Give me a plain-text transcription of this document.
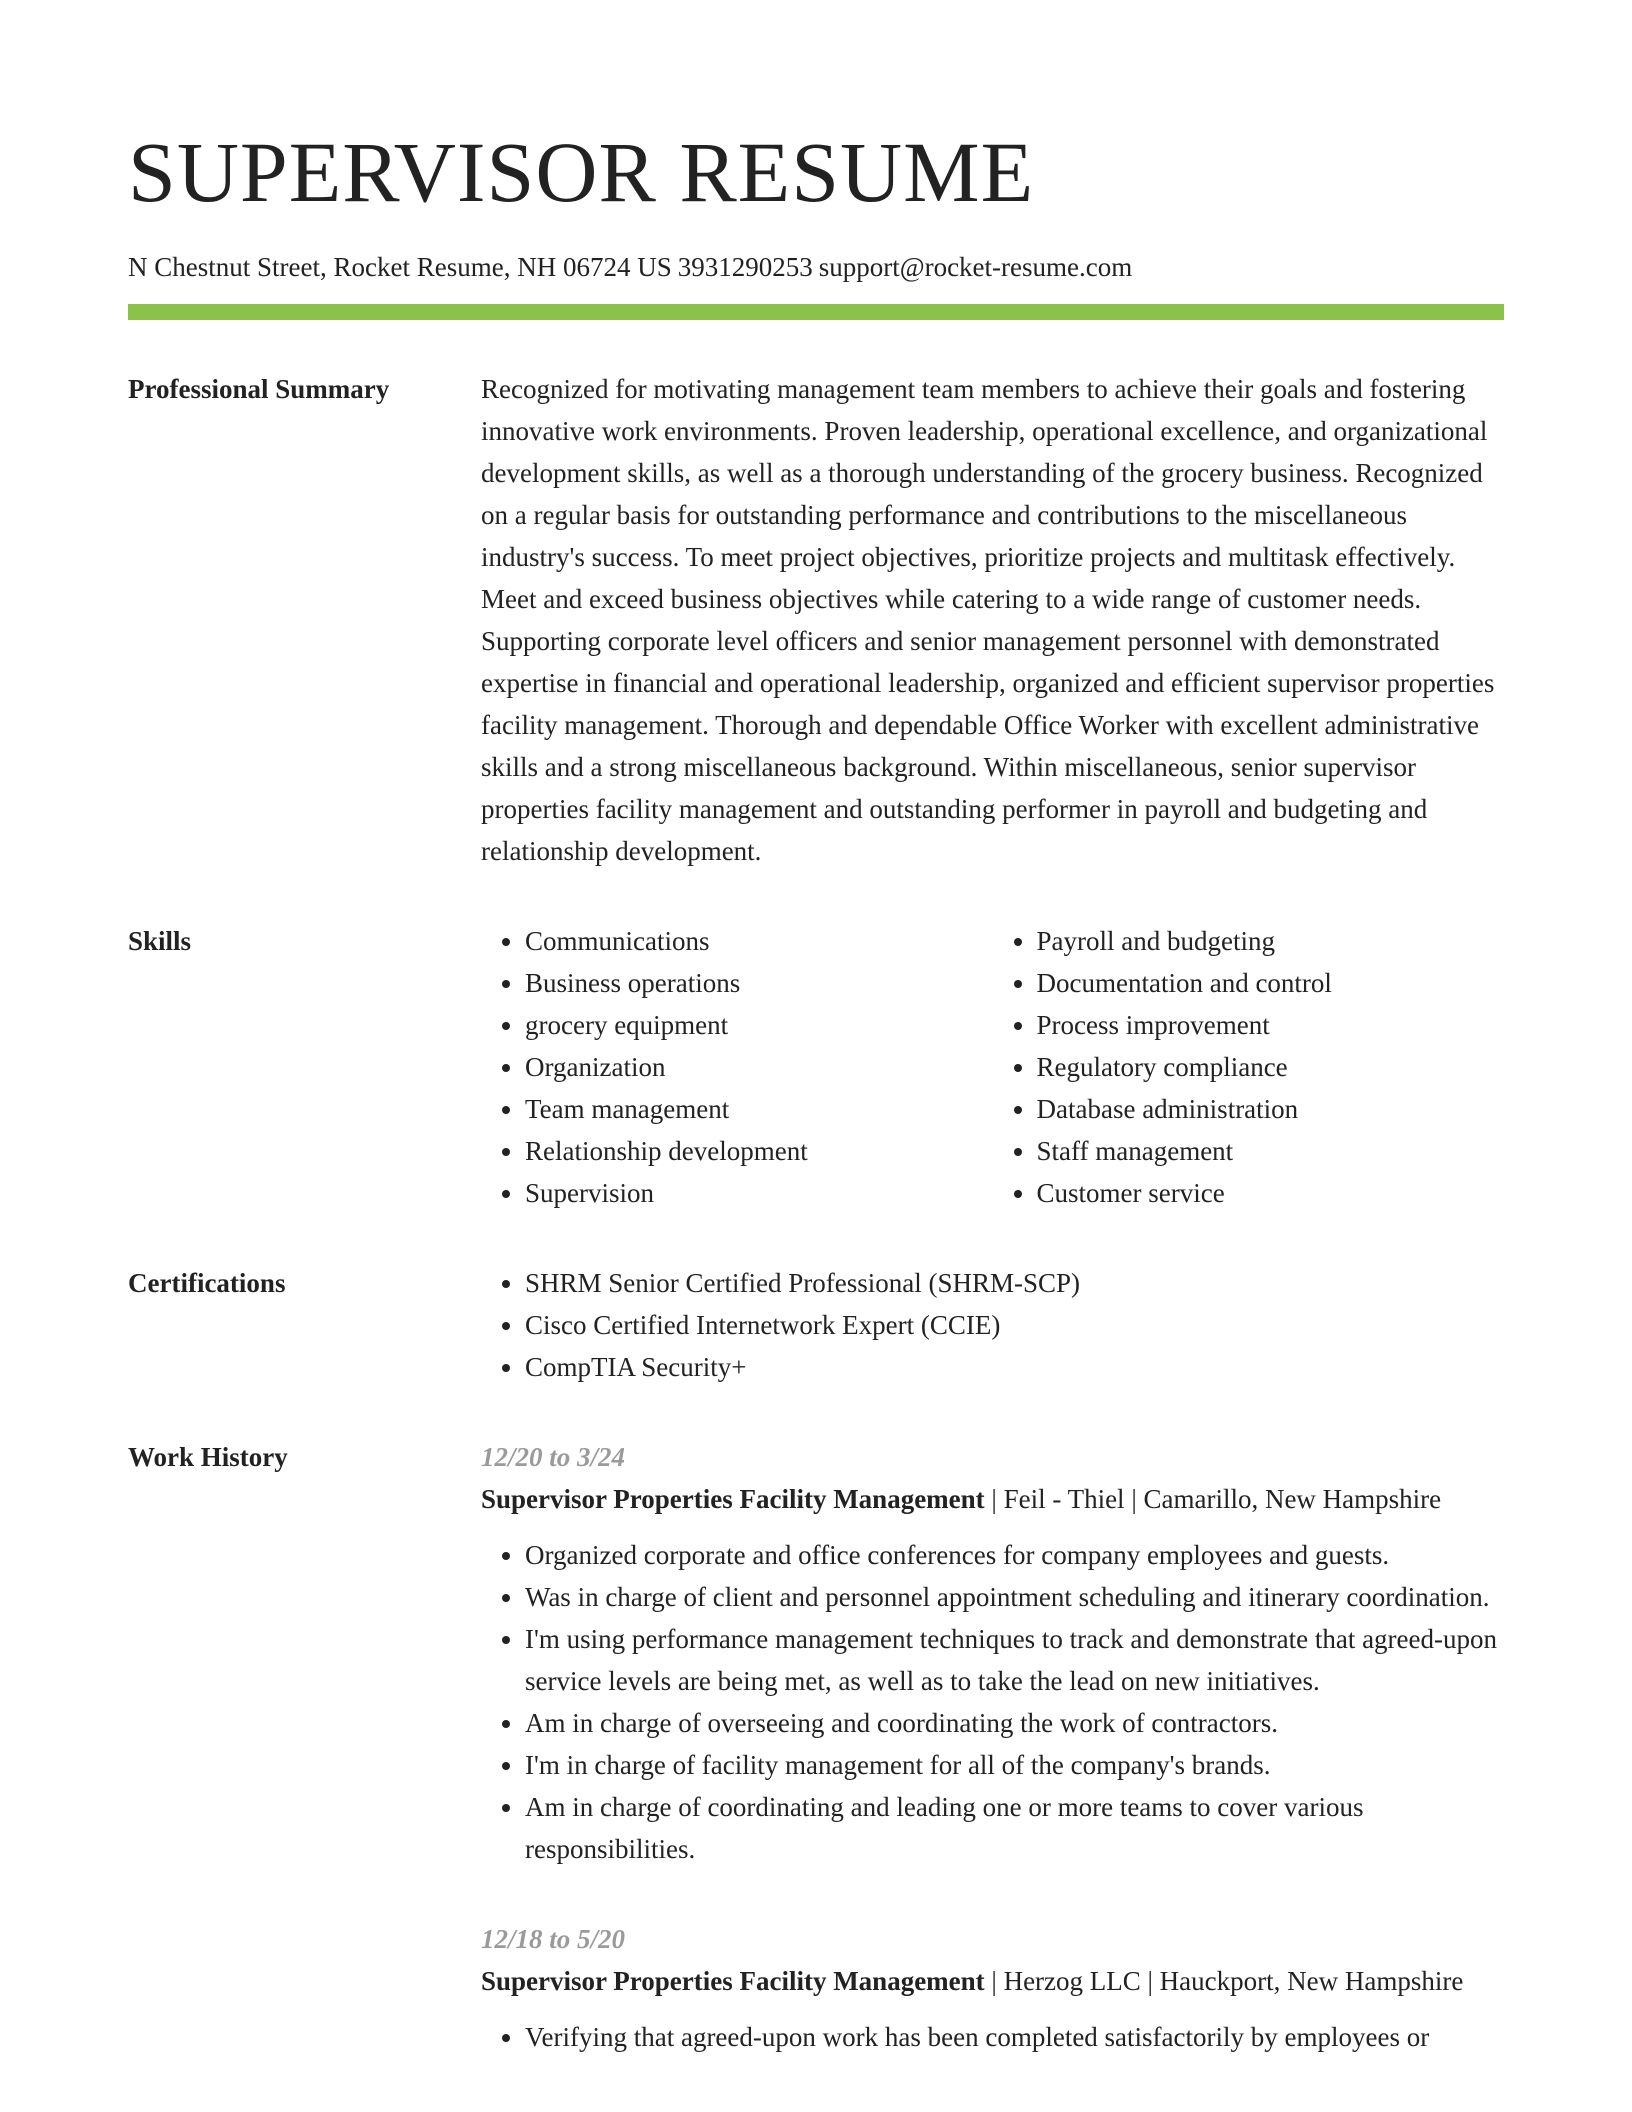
SUPERVISOR RESUME
N Chestnut Street, Rocket Resume, NH 06724 US 3931290253 support@rocket-resume.com
Professional Summary	Recognized for motivating management team members to achieve their goals and fostering innovative work environments. Proven leadership, operational excellence, and organizational development skills, as well as a thorough understanding of the grocery business. Recognized on a regular basis for outstanding performance and contributions to the miscellaneous industry's success. To meet project objectives, prioritize projects and multitask effectively. Meet and exceed business objectives while catering to a wide range of customer needs. Supporting corporate level officers and senior management personnel with demonstrated expertise in financial and operational leadership, organized and efficient supervisor properties facility management. Thorough and dependable Office Worker with excellent administrative skills and a strong miscellaneous background. Within miscellaneous, senior supervisor properties facility management and outstanding performer in payroll and budgeting and relationship development.

Skills	• Communications
• Business operations
• grocery equipment
• Organization
• Team management
• Relationship development
• Supervision
• Payroll and budgeting
• Documentation and control
• Process improvement
• Regulatory compliance
• Database administration
• Staff management
• Customer service
Certifications	• SHRM Senior Certified Professional (SHRM-SCP)
• Cisco Certified Internetwork Expert (CCIE)
• CompTIA Security+
Work History	12/20 to 3/24
Supervisor Properties Facility Management | Feil - Thiel | Camarillo, New Hampshire
• Organized corporate and office conferences for company employees and guests.
• Was in charge of client and personnel appointment scheduling and itinerary coordination.
• I'm using performance management techniques to track and demonstrate that agreed-upon service levels are being met, as well as to take the lead on new initiatives.
• Am in charge of overseeing and coordinating the work of contractors.
• I'm in charge of facility management for all of the company's brands.
• Am in charge of coordinating and leading one or more teams to cover various responsibilities.
12/18 to 5/20
Supervisor Properties Facility Management | Herzog LLC | Hauckport, New Hampshire
• Verifying that agreed-upon work has been completed satisfactorily by employees or
